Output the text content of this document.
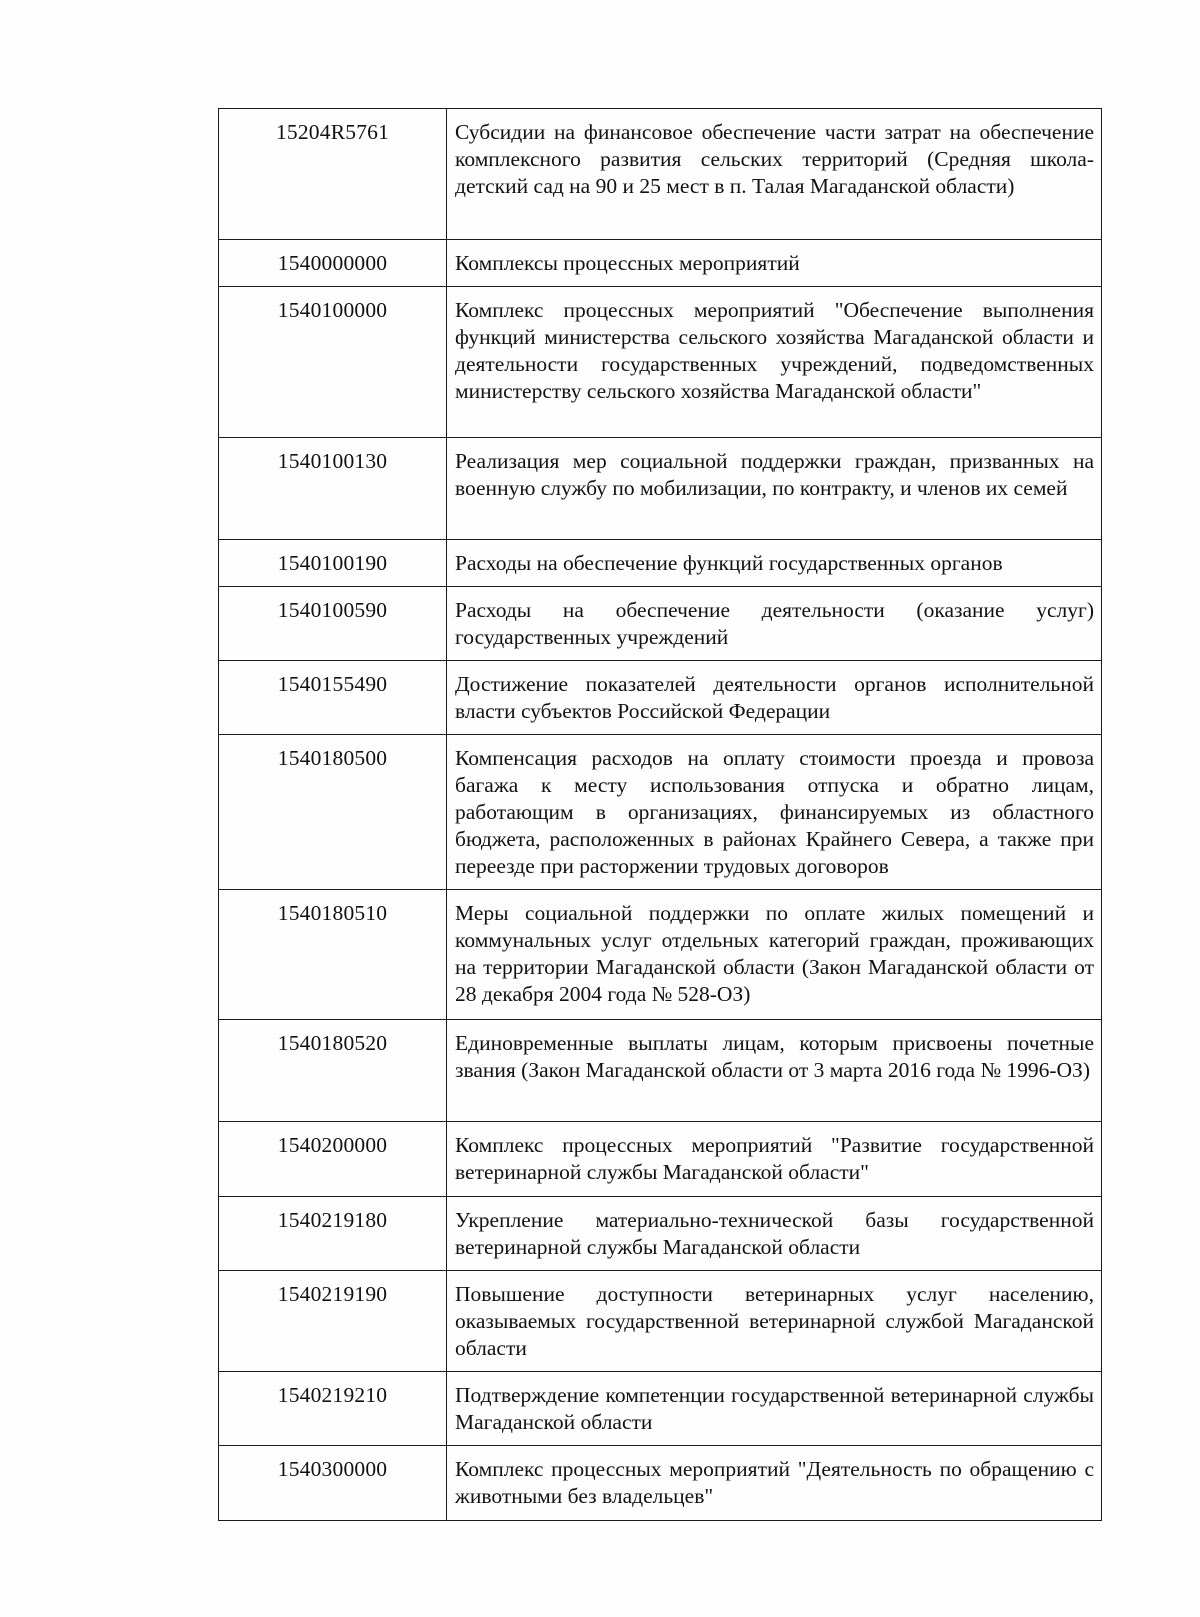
15204R5761	Субсидии на финансовое обеспечение части затрат на обеспечение комплексного развития сельских территорий (Средняя школа-детский сад на 90 и 25 мест в п. Талая Магаданской области)

1540000000	Комплексы процессных мероприятий

1540100000	Комплекс процессных мероприятий "Обеспечение выполнения функций министерства сельского хозяйства Магаданской области и деятельности государственных учреждений, подведомственных министерству сельского хозяйства Магаданской области"

1540100130	Реализация мер социальной поддержки граждан, призванных на военную службу по мобилизации, по контракту, и членов их семей

1540100190	Расходы на обеспечение функций государственных органов

1540100590	Расходы на обеспечение деятельности (оказание услуг) государственных учреждений

1540155490	Достижение показателей деятельности органов исполнительной власти субъектов Российской Федерации

1540180500	Компенсация расходов на оплату стоимости проезда и провоза багажа к месту использования отпуска и обратно лицам, работающим в организациях, финансируемых из областного бюджета, расположенных в районах Крайнего Севера, а также при переезде при расторжении трудовых договоров

1540180510	Меры социальной поддержки по оплате жилых помещений и коммунальных услуг отдельных категорий граждан, проживающих на территории Магаданской области (Закон Магаданской области от 28 декабря 2004 года № 528-ОЗ)

1540180520	Единовременные выплаты лицам, которым присвоены почетные звания (Закон Магаданской области от 3 марта 2016 года № 1996-ОЗ)

1540200000	Комплекс процессных мероприятий "Развитие государственной ветеринарной службы Магаданской области"

1540219180	Укрепление материально-технической базы государственной ветеринарной службы Магаданской области

1540219190	Повышение доступности ветеринарных услуг населению, оказываемых государственной ветеринарной службой Магаданской области

1540219210	Подтверждение компетенции государственной ветеринарной службы Магаданской области

1540300000	Комплекс процессных мероприятий "Деятельность по обращению с животными без владельцев"
